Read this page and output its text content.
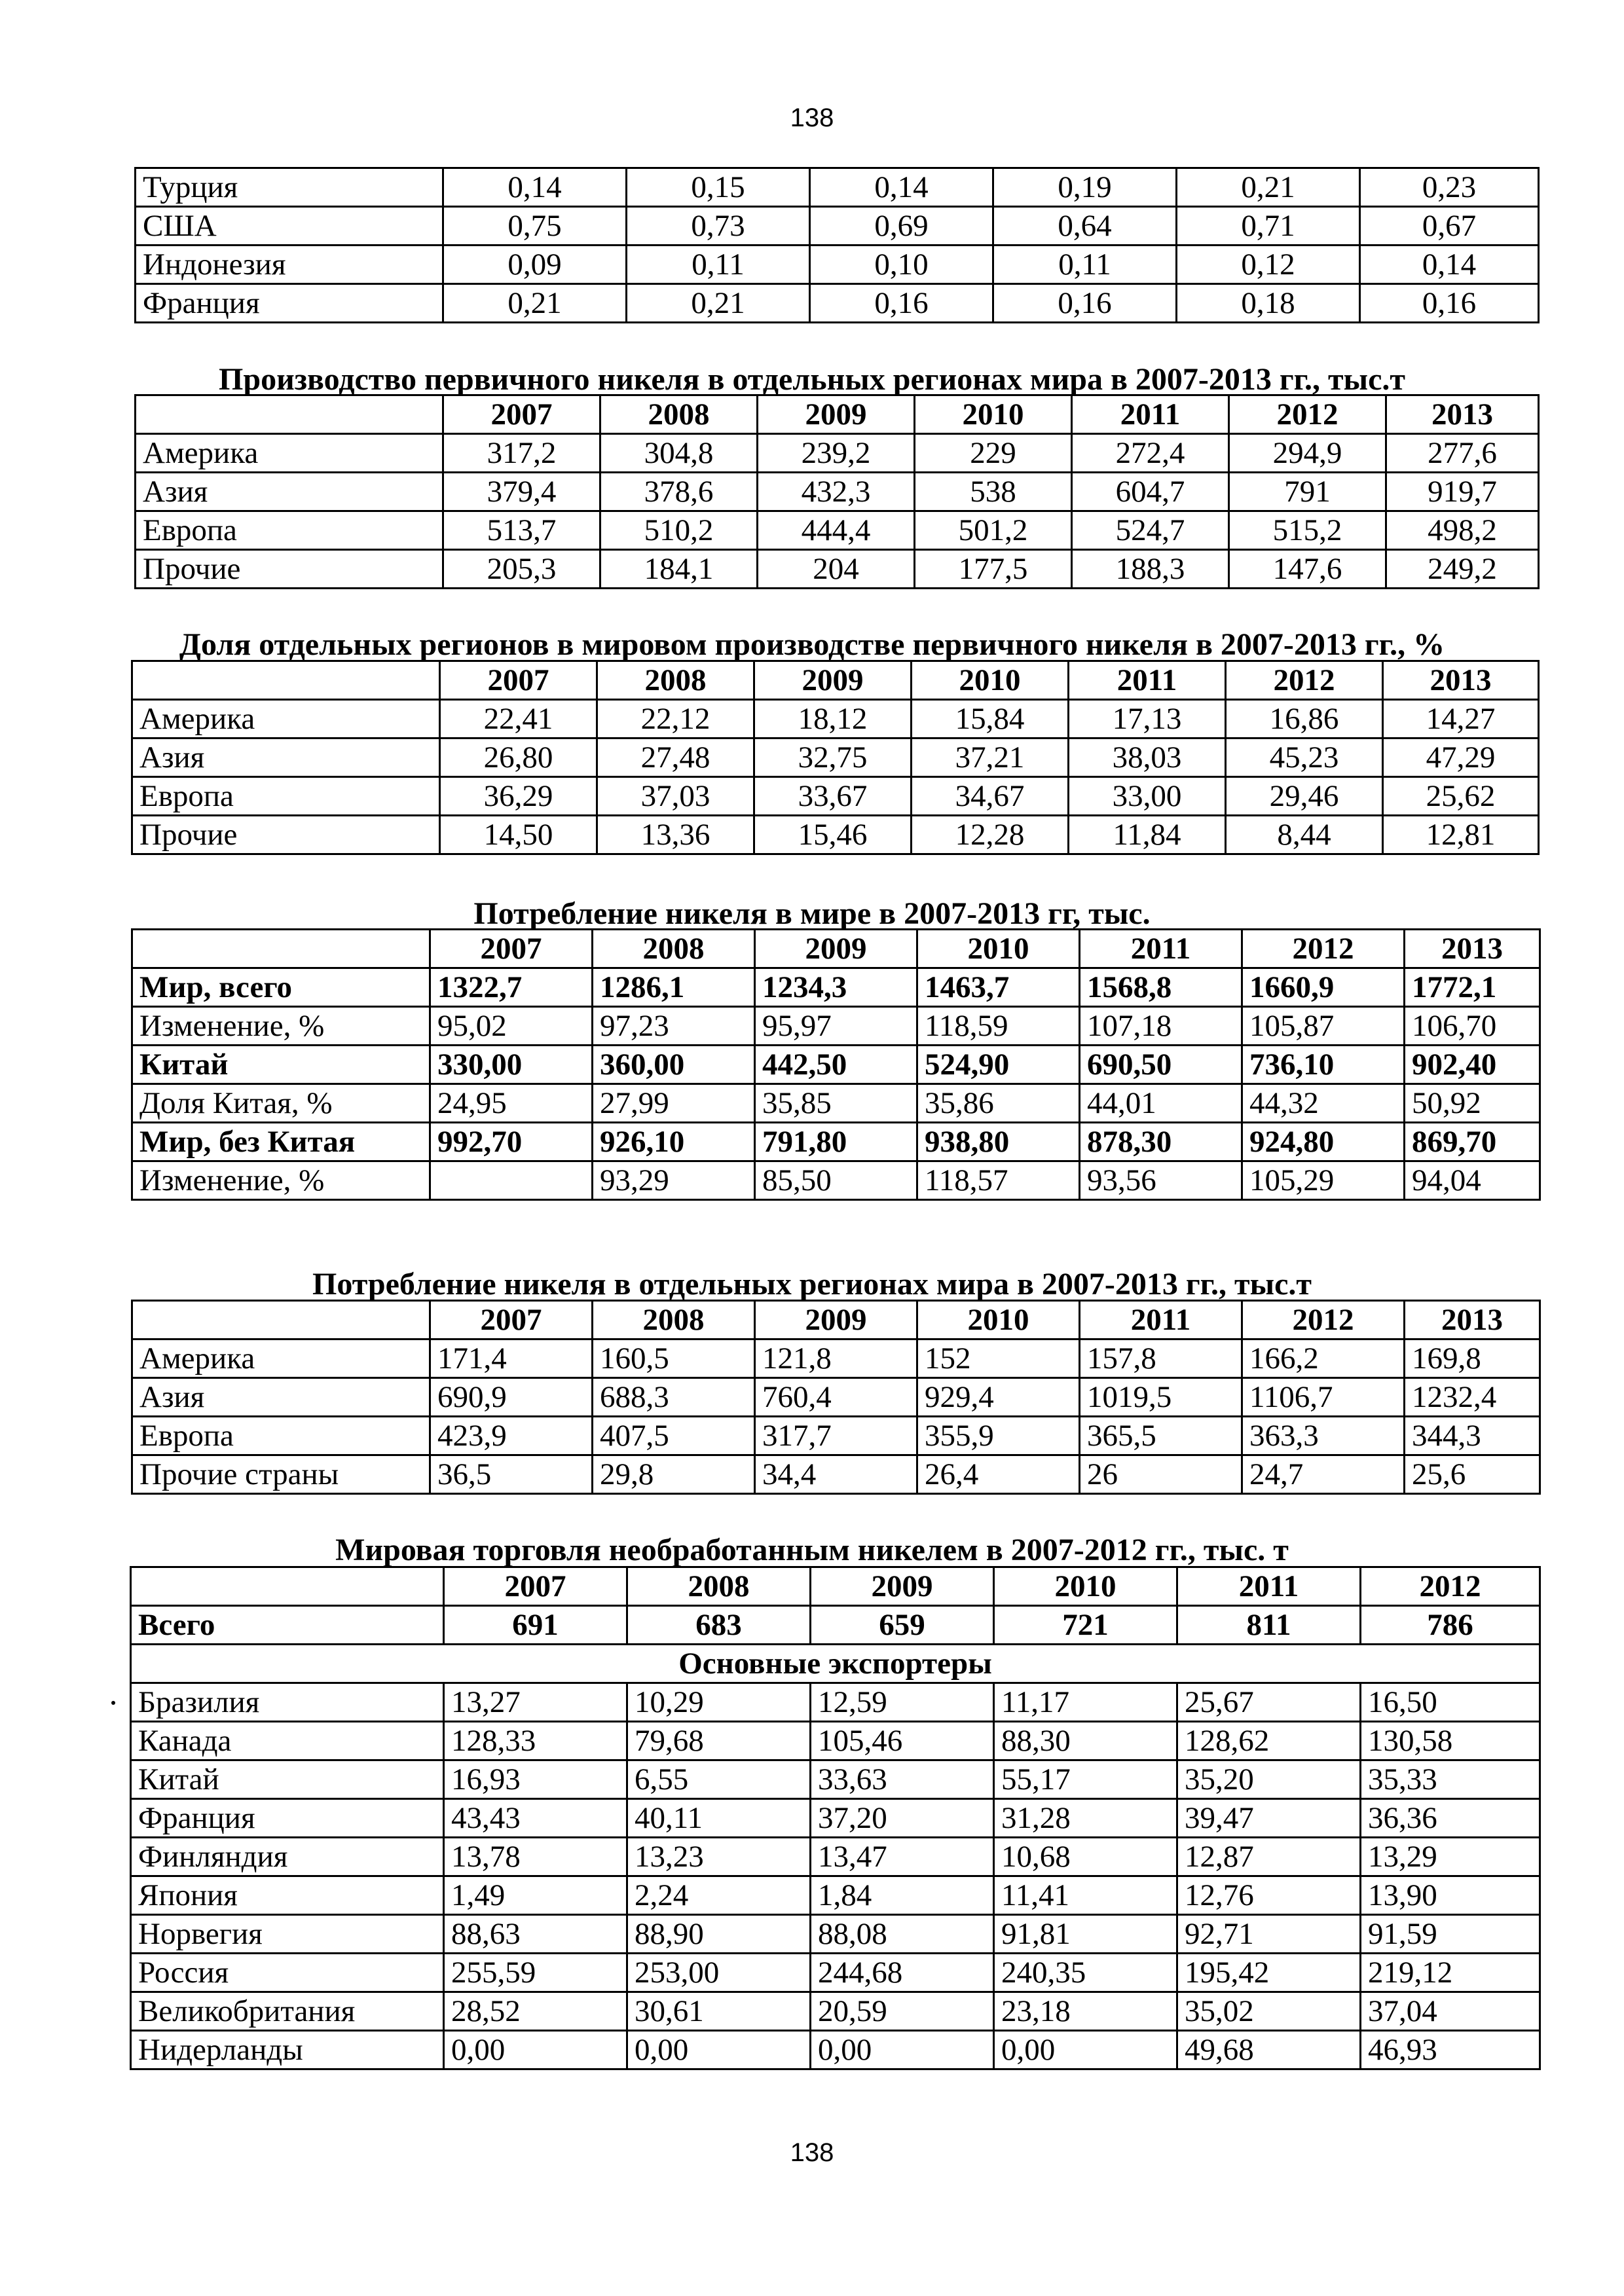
138
Турция	0,14	0,15	0,14	0,19	0,21	0,23
США	0,75	0,73	0,69	0,64	0,71	0,67
Индонезия	0,09	0,11	0,10	0,11	0,12	0,14
Франция	0,21	0,21	0,16	0,16	0,18	0,16
Производство первичного никеля в отдельных регионах мира в 2007-2013 гг., тыс.т
	2007	2008	2009	2010	2011	2012	2013
Америка	317,2	304,8	239,2	229	272,4	294,9	277,6
Азия	379,4	378,6	432,3	538	604,7	791	919,7
Европа	513,7	510,2	444,4	501,2	524,7	515,2	498,2
Прочие	205,3	184,1	204	177,5	188,3	147,6	249,2
Доля отдельных регионов в мировом производстве первичного никеля в 2007-2013 гг., %
	2007	2008	2009	2010	2011	2012	2013
Америка	22,41	22,12	18,12	15,84	17,13	16,86	14,27
Азия	26,80	27,48	32,75	37,21	38,03	45,23	47,29
Европа	36,29	37,03	33,67	34,67	33,00	29,46	25,62
Прочие	14,50	13,36	15,46	12,28	11,84	8,44	12,81
Потребление никеля в мире в 2007-2013 гг, тыс.
	2007	2008	2009	2010	2011	2012	2013
Мир, всего	1322,7	1286,1	1234,3	1463,7	1568,8	1660,9	1772,1
Изменение, %	95,02	97,23	95,97	118,59	107,18	105,87	106,70
Китай	330,00	360,00	442,50	524,90	690,50	736,10	902,40
Доля Китая, %	24,95	27,99	35,85	35,86	44,01	44,32	50,92
Мир, без Китая	992,70	926,10	791,80	938,80	878,30	924,80	869,70
Изменение, %		93,29	85,50	118,57	93,56	105,29	94,04
Потребление никеля в отдельных регионах мира в 2007-2013 гг., тыс.т
	2007	2008	2009	2010	2011	2012	2013
Америка	171,4	160,5	121,8	152	157,8	166,2	169,8
Азия	690,9	688,3	760,4	929,4	1019,5	1106,7	1232,4
Европа	423,9	407,5	317,7	355,9	365,5	363,3	344,3
Прочие страны	36,5	29,8	34,4	26,4	26	24,7	25,6
Мировая торговля необработанным никелем в 2007-2012 гг., тыс. т
	2007	2008	2009	2010	2011	2012
Всего	691	683	659	721	811	786
Основные экспортеры						
Бразилия	13,27	10,29	12,59	11,17	25,67	16,50
Канада	128,33	79,68	105,46	88,30	128,62	130,58
Китай	16,93	6,55	33,63	55,17	35,20	35,33
Франция	43,43	40,11	37,20	31,28	39,47	36,36
Финляндия	13,78	13,23	13,47	10,68	12,87	13,29
Япония	1,49	2,24	1,84	11,41	12,76	13,90
Норвегия	88,63	88,90	88,08	91,81	92,71	91,59
Россия	255,59	253,00	244,68	240,35	195,42	219,12
Великобритания	28,52	30,61	20,59	23,18	35,02	37,04
Нидерланды	0,00	0,00	0,00	0,00	49,68	46,93
138
